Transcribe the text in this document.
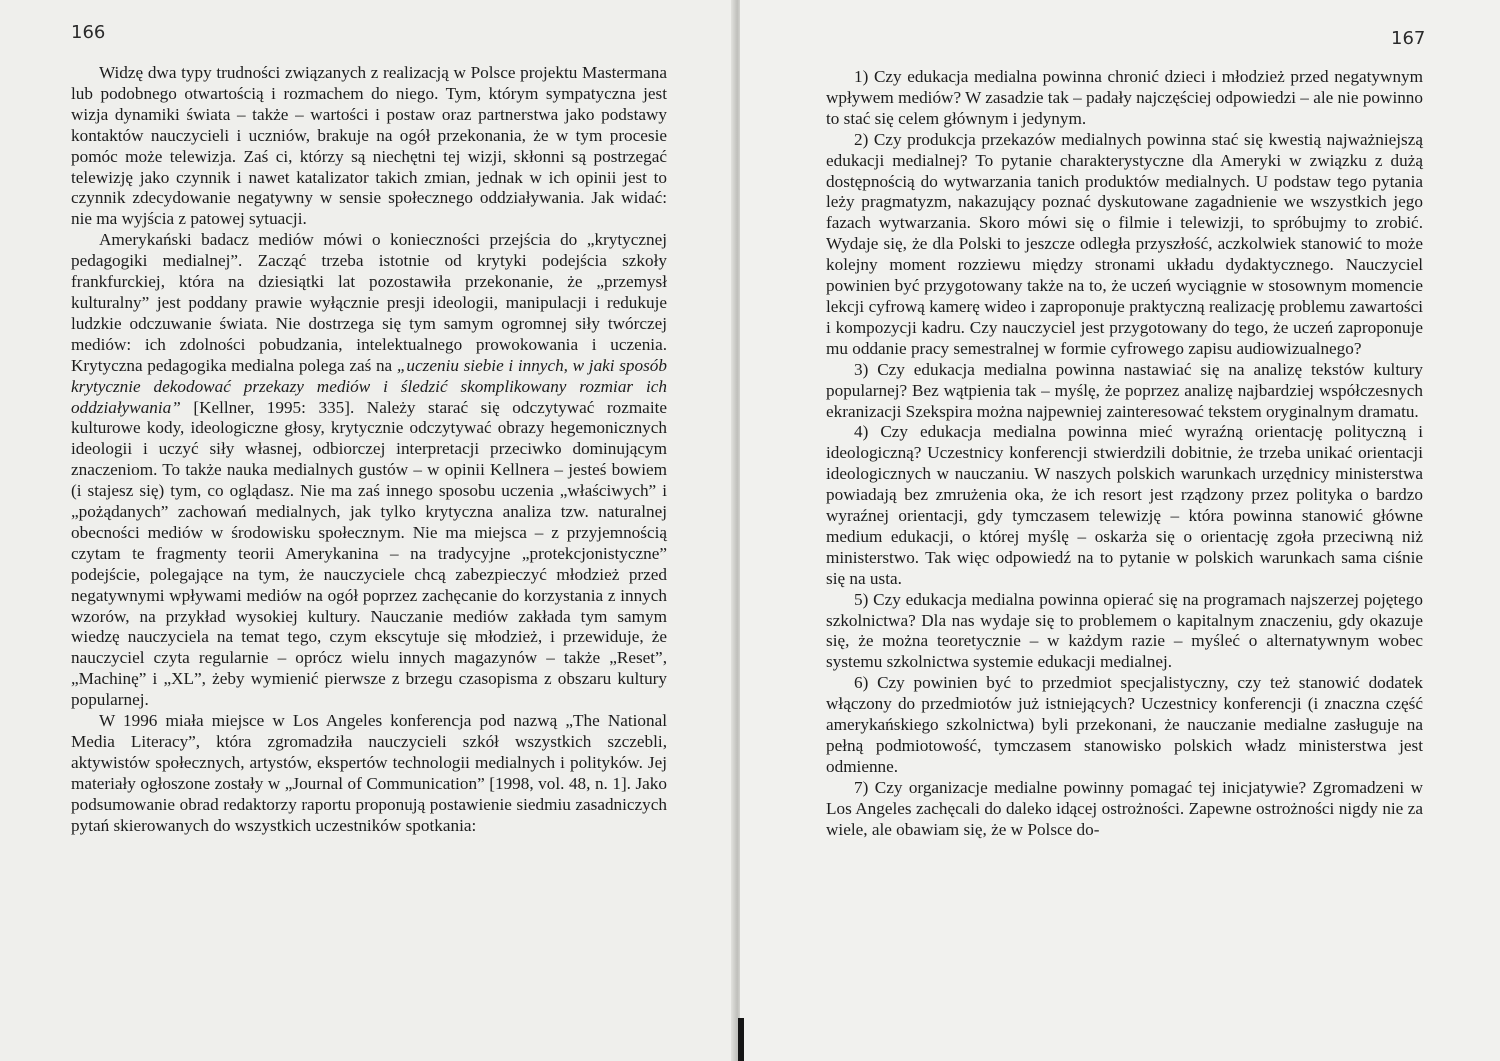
166

Widzę dwa typy trudności związanych z realizacją w Polsce projektu Mastermana lub podobnego otwartością i rozmachem do niego. Tym, którym sympatyczna jest wizja dynamiki świata – także – wartości i postaw oraz partnerstwa jako podstawy kontaktów nauczycieli i uczniów, brakuje na ogół przekonania, że w tym procesie pomóc może telewizja. Zaś ci, którzy są niechętni tej wizji, skłonni są postrzegać telewizję jako czynnik i nawet katalizator takich zmian, jednak w ich opinii jest to czynnik zdecydowanie negatywny w sensie społecznego oddziaływania. Jak widać: nie ma wyjścia z patowej sytuacji.

Amerykański badacz mediów mówi o konieczności przejścia do „krytycznej pedagogiki medialnej”. Zacząć trzeba istotnie od krytyki podejścia szkoły frankfurckiej, która na dziesiątki lat pozostawiła przekonanie, że „przemysł kulturalny” jest poddany prawie wyłącznie presji ideologii, manipulacji i redukuje ludzkie odczuwanie świata. Nie dostrzega się tym samym ogromnej siły twórczej mediów: ich zdolności pobudzania, intelektualnego prowokowania i uczenia. Krytyczna pedagogika medialna polega zaś na „uczeniu siebie i innych, w jaki sposób krytycznie dekodować przekazy mediów i śledzić skomplikowany rozmiar ich oddziaływania” [Kellner, 1995: 335]. Należy starać się odczytywać rozmaite kulturowe kody, ideologiczne głosy, krytycznie odczytywać obrazy hegemonicznych ideologii i uczyć siły własnej, odbiorczej interpretacji przeciwko dominującym znaczeniom. To także nauka medialnych gustów – w opinii Kellnera – jesteś bowiem (i stajesz się) tym, co oglądasz. Nie ma zaś innego sposobu uczenia „właściwych” i „pożądanych” zachowań medialnych, jak tylko krytyczna analiza tzw. naturalnej obecności mediów w środowisku społecznym. Nie ma miejsca – z przyjemnością czytam te fragmenty teorii Amerykanina – na tradycyjne „protekcjonistyczne” podejście, polegające na tym, że nauczyciele chcą zabezpieczyć młodzież przed negatywnymi wpływami mediów na ogół poprzez zachęcanie do korzystania z innych wzorów, na przykład wysokiej kultury. Nauczanie mediów zakłada tym samym wiedzę nauczyciela na temat tego, czym ekscytuje się młodzież, i przewiduje, że nauczyciel czyta regularnie – oprócz wielu innych magazynów – także „Reset”, „Machinę” i „XL”, żeby wymienić pierwsze z brzegu czasopisma z obszaru kultury popularnej.

W 1996 miała miejsce w Los Angeles konferencja pod nazwą „The National Media Literacy”, która zgromadziła nauczycieli szkół wszystkich szczebli, aktywistów społecznych, artystów, ekspertów technologii medialnych i polityków. Jej materiały ogłoszone zostały w „Journal of Communication” [1998, vol. 48, n. 1]. Jako podsumowanie obrad redaktorzy raportu proponują postawienie siedmiu zasadniczych pytań skierowanych do wszystkich uczestników spotkania:

167

1) Czy edukacja medialna powinna chronić dzieci i młodzież przed negatywnym wpływem mediów? W zasadzie tak – padały najczęściej odpowiedzi – ale nie powinno to stać się celem głównym i jedynym.

2) Czy produkcja przekazów medialnych powinna stać się kwestią najważniejszą edukacji medialnej? To pytanie charakterystyczne dla Ameryki w związku z dużą dostępnością do wytwarzania tanich produktów medialnych. U podstaw tego pytania leży pragmatyzm, nakazujący poznać dyskutowane zagadnienie we wszystkich jego fazach wytwarzania. Skoro mówi się o filmie i telewizji, to spróbujmy to zrobić. Wydaje się, że dla Polski to jeszcze odległa przyszłość, aczkolwiek stanowić to może kolejny moment rozziewu między stronami układu dydaktycznego. Nauczyciel powinien być przygotowany także na to, że uczeń wyciągnie w stosownym momencie lekcji cyfrową kamerę wideo i zaproponuje praktyczną realizację problemu zawartości i kompozycji kadru. Czy nauczyciel jest przygotowany do tego, że uczeń zaproponuje mu oddanie pracy semestralnej w formie cyfrowego zapisu audiowizualnego?

3) Czy edukacja medialna powinna nastawiać się na analizę tekstów kultury popularnej? Bez wątpienia tak – myślę, że poprzez analizę najbardziej współczesnych ekranizacji Szekspira można najpewniej zainteresować tekstem oryginalnym dramatu.

4) Czy edukacja medialna powinna mieć wyraźną orientację polityczną i ideologiczną? Uczestnicy konferencji stwierdzili dobitnie, że trzeba unikać orientacji ideologicznych w nauczaniu. W naszych polskich warunkach urzędnicy ministerstwa powiadają bez zmrużenia oka, że ich resort jest rządzony przez polityka o bardzo wyraźnej orientacji, gdy tymczasem telewizję – która powinna stanowić główne medium edukacji, o której myślę – oskarża się o orientację zgoła przeciwną niż ministerstwo. Tak więc odpowiedź na to pytanie w polskich warunkach sama ciśnie się na usta.

5) Czy edukacja medialna powinna opierać się na programach najszerzej pojętego szkolnictwa? Dla nas wydaje się to problemem o kapitalnym znaczeniu, gdy okazuje się, że można teoretycznie – w każdym razie – myśleć o alternatywnym wobec systemu szkolnictwa systemie edukacji medialnej.

6) Czy powinien być to przedmiot specjalistyczny, czy też stanowić dodatek włączony do przedmiotów już istniejących? Uczestnicy konferencji (i znaczna część amerykańskiego szkolnictwa) byli przekonani, że nauczanie medialne zasługuje na pełną podmiotowość, tymczasem stanowisko polskich władz ministerstwa jest odmienne.

7) Czy organizacje medialne powinny pomagać tej inicjatywie? Zgromadzeni w Los Angeles zachęcali do daleko idącej ostrożności. Zapewne ostrożności nigdy nie za wiele, ale obawiam się, że w Polsce do-
